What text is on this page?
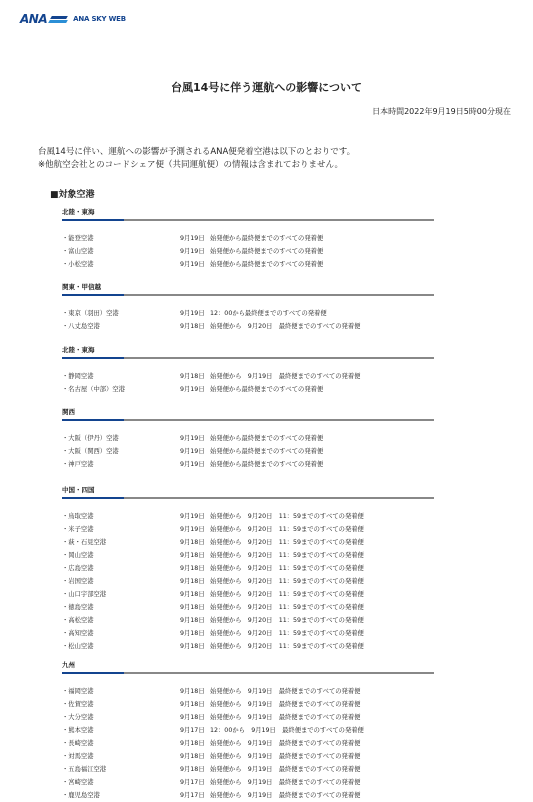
ANA	ANA SKY WEB
台風14号に伴う運航への影響について
日本時間2022年9月19日5時00分現在
台風14号に伴い、運航への影響が予測されるANA便発着空港は以下のとおりです。
※他航空会社とのコードシェア便（共同運航便）の情報は含まれておりません。
■対象空港
北陸・東海
・能登空港	9月19日 始発便から最終便までのすべての発着便
・富山空港	9月19日 始発便から最終便までのすべての発着便
・小松空港	9月19日 始発便から最終便までのすべての発着便
関東・甲信越
・東京（羽田）空港	9月19日 12：00から最終便までのすべての発着便
・八丈島空港	9月18日 始発便から　9月20日　最終便までのすべての発着便
北陸・東海
・静岡空港	9月18日 始発便から　9月19日　最終便までのすべての発着便
・名古屋（中部）空港	9月19日 始発便から最終便までのすべての発着便
関西
・大阪（伊丹）空港	9月19日 始発便から最終便までのすべての発着便
・大阪（関西）空港	9月19日 始発便から最終便までのすべての発着便
・神戸空港	9月19日 始発便から最終便までのすべての発着便
中国・四国
・鳥取空港	9月19日 始発便から　9月20日　11：59までのすべての発着便
・米子空港	9月19日 始発便から　9月20日　11：59までのすべての発着便
・萩・石見空港	9月18日 始発便から　9月20日　11：59までのすべての発着便
・岡山空港	9月18日 始発便から　9月20日　11：59までのすべての発着便
・広島空港	9月18日 始発便から　9月20日　11：59までのすべての発着便
・岩国空港	9月18日 始発便から　9月20日　11：59までのすべての発着便
・山口宇部空港	9月18日 始発便から　9月20日　11：59までのすべての発着便
・徳島空港	9月18日 始発便から　9月20日　11：59までのすべての発着便
・高松空港	9月18日 始発便から　9月20日　11：59までのすべての発着便
・高知空港	9月18日 始発便から　9月20日　11：59までのすべての発着便
・松山空港	9月18日 始発便から　9月20日　11：59までのすべての発着便
九州
・福岡空港	9月18日 始発便から　9月19日　最終便までのすべての発着便
・佐賀空港	9月18日 始発便から　9月19日　最終便までのすべての発着便
・大分空港	9月18日 始発便から　9月19日　最終便までのすべての発着便
・熊本空港	9月17日 12：00から　9月19日　最終便までのすべての発着便
・長崎空港	9月18日 始発便から　9月19日　最終便までのすべての発着便
・対馬空港	9月18日 始発便から　9月19日　最終便までのすべての発着便
・五島福江空港	9月18日 始発便から　9月19日　最終便までのすべての発着便
・宮崎空港	9月17日 始発便から　9月19日　最終便までのすべての発着便
・鹿児島空港	9月17日 始発便から　9月19日　最終便までのすべての発着便
